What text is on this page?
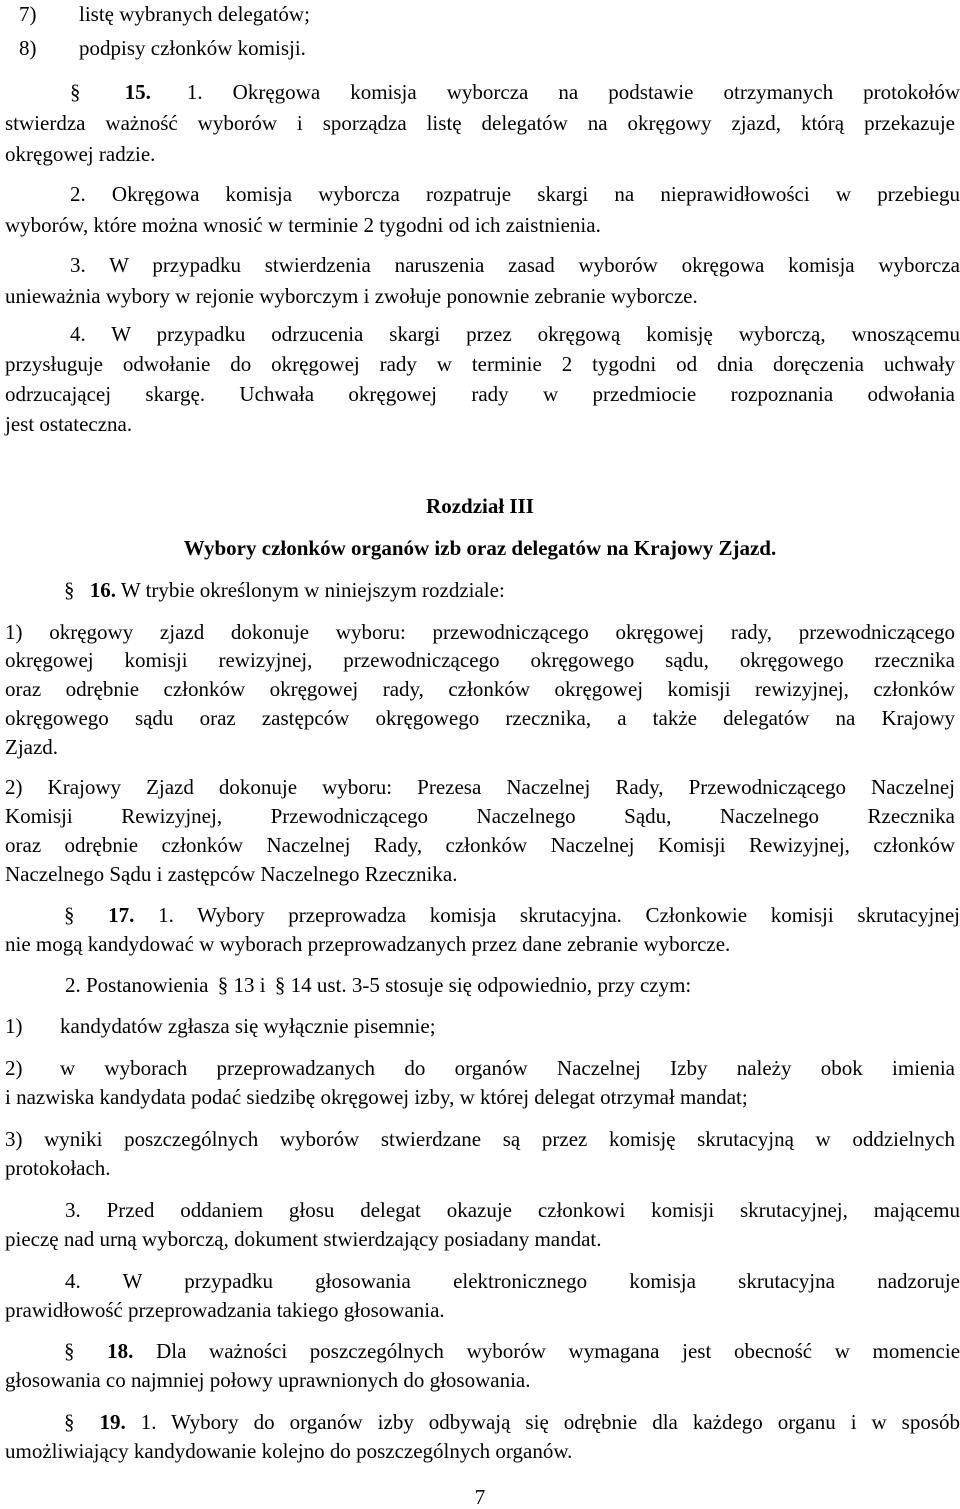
7) listę wybranych delegatów;
8) podpisy członków komisji.
§ 15. 1. Okręgowa komisja wyborcza na podstawie otrzymanych protokołów
stwierdza ważność wyborów i sporządza listę delegatów na okręgowy zjazd, którą przekazuje
okręgowej radzie.
2. Okręgowa komisja wyborcza rozpatruje skargi na nieprawidłowości w przebiegu
wyborów, które można wnosić w terminie 2 tygodni od ich zaistnienia.
3. W przypadku stwierdzenia naruszenia zasad wyborów okręgowa komisja wyborcza
unieważnia wybory w rejonie wyborczym i zwołuje ponownie zebranie wyborcze.
4. W przypadku odrzucenia skargi przez okręgową komisję wyborczą, wnoszącemu
przysługuje odwołanie do okręgowej rady w terminie 2 tygodni od dnia doręczenia uchwały
odrzucającej skargę. Uchwała okręgowej rady w przedmiocie rozpoznania odwołania
jest ostateczna.
Rozdział III
Wybory członków organów izb oraz delegatów na Krajowy Zjazd.
§ 16. W trybie określonym w niniejszym rozdziale:
1) okręgowy zjazd dokonuje wyboru: przewodniczącego okręgowej rady, przewodniczącego
okręgowej komisji rewizyjnej, przewodniczącego okręgowego sądu, okręgowego rzecznika
oraz odrębnie członków okręgowej rady, członków okręgowej komisji rewizyjnej, członków
okręgowego sądu oraz zastępców okręgowego rzecznika, a także delegatów na Krajowy
Zjazd.
2) Krajowy Zjazd dokonuje wyboru: Prezesa Naczelnej Rady, Przewodniczącego Naczelnej
Komisji Rewizyjnej, Przewodniczącego Naczelnego Sądu, Naczelnego Rzecznika
oraz odrębnie członków Naczelnej Rady, członków Naczelnej Komisji Rewizyjnej, członków
Naczelnego Sądu i zastępców Naczelnego Rzecznika.
§ 17. 1. Wybory przeprowadza komisja skrutacyjna. Członkowie komisji skrutacyjnej
nie mogą kandydować w wyborach przeprowadzanych przez dane zebranie wyborcze.
2. Postanowienia § 13 i § 14 ust. 3-5 stosuje się odpowiednio, przy czym:
1) kandydatów zgłasza się wyłącznie pisemnie;
2) w wyborach przeprowadzanych do organów Naczelnej Izby należy obok imienia
i nazwiska kandydata podać siedzibę okręgowej izby, w której delegat otrzymał mandat;
3) wyniki poszczególnych wyborów stwierdzane są przez komisję skrutacyjną w oddzielnych
protokołach.
3. Przed oddaniem głosu delegat okazuje członkowi komisji skrutacyjnej, mającemu
pieczę nad urną wyborczą, dokument stwierdzający posiadany mandat.
4. W przypadku głosowania elektronicznego komisja skrutacyjna nadzoruje
prawidłowość przeprowadzania takiego głosowania.
§ 18. Dla ważności poszczególnych wyborów wymagana jest obecność w momencie
głosowania co najmniej połowy uprawnionych do głosowania.
§ 19. 1. Wybory do organów izby odbywają się odrębnie dla każdego organu i w sposób
umożliwiający kandydowanie kolejno do poszczególnych organów.
7
